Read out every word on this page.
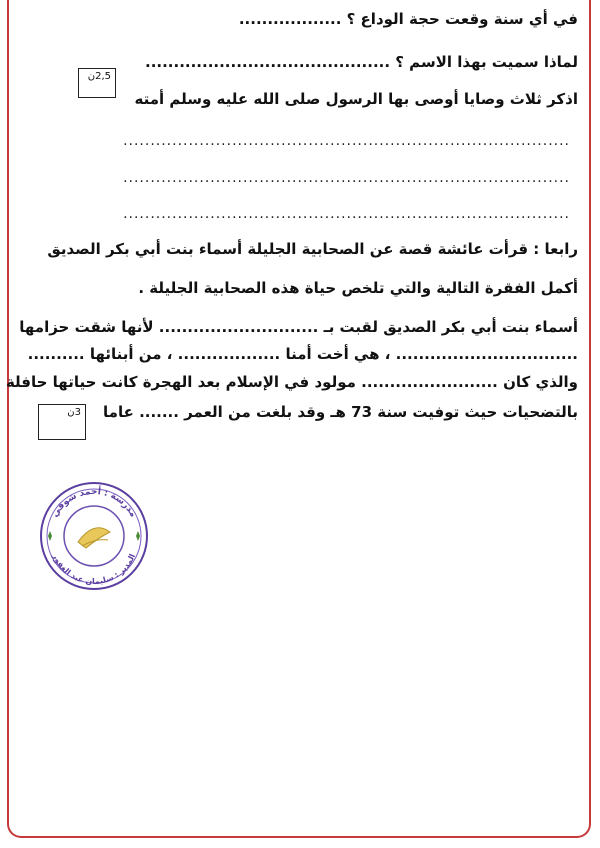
في أي سنة وقعت حجة الوداع ؟ ..................
لماذا سميت بهذا الاسم ؟ ...........................................
2,5ن
اذكر ثلاث وصايا أوصى بها الرسول صلى الله عليه وسلم أمته
..................................................................................
..................................................................................
..................................................................................
رابعا : قرأت عائشة قصة عن الصحابية الجليلة أسماء بنت أبي بكر الصديق
أكمل الفقرة التالية والتي تلخص حياة هذه الصحابية الجليلة .
أسماء بنت أبي بكر الصديق لقبت بـ ............................ لأنها شقت حزامها
................................ ، هي أخت أمنا .................. ، من أبنائها ..........
والذي كان ........................ مولود في الإسلام بعد الهجرة كانت حياتها حافلة
بالتضحيات حيث توفيت سنة 73 هـ وقد بلغت من العمر ....... عاما
3ن
مدرسة : أحمد شوقي
المدير : سليمان عبد الغفور
